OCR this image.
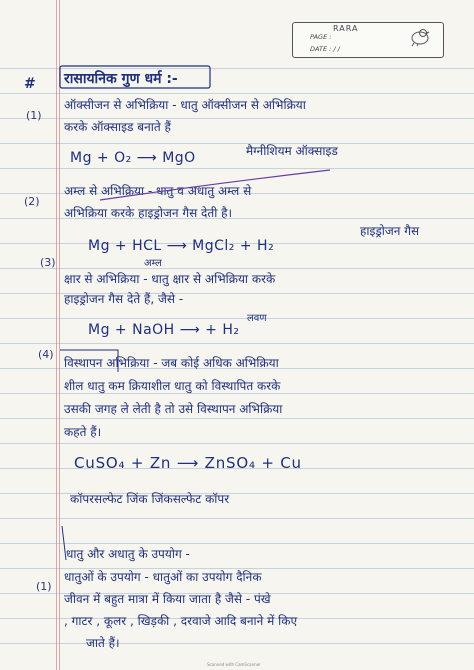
RARA
PAGE :
DATE : / /
# रासायनिक गुण धर्म :-
(1)
ऑक्सीजन से अभिक्रिया - धातु ऑक्सीजन से अभिक्रिया
करके ऑक्साइड बनाते हैं
मैग्नीशियम ऑक्साइड
Mg + O₂ ⟶ MgO
(2)
अम्ल से अभिक्रिया - धातु व अधातु अम्ल से
अभिक्रिया करके हाइड्रोजन गैस देती है।
हाइड्रोजन गैस
Mg + HCL ⟶ MgCl₂ + H₂
अम्ल
(3)
क्षार से अभिक्रिया - धातु क्षार से अभिक्रिया करके
हाइड्रोजन गैस देते हैं, जैसे -
लवण
Mg + NaOH ⟶ + H₂
(4)
विस्थापन अभिक्रिया - जब कोई अधिक अभिक्रिया
शील धातु कम क्रियाशील धातु को विस्थापित करके
उसकी जगह ले लेती है तो उसे विस्थापन अभिक्रिया
कहते हैं।
CuSO₄ + Zn ⟶ ZnSO₄ + Cu
कॉपरसल्फेट जिंक जिंकसल्फेट कॉपर
धातु और अधातु के उपयोग -
(1)
धातुओं के उपयोग - धातुओं का उपयोग दैनिक
जीवन में बहुत मात्रा में किया जाता है जैसे - पंखे
, गाटर , कूलर , खिड़की , दरवाजे आदि बनाने में किए
जाते हैं।
Scanned with CamScanner
